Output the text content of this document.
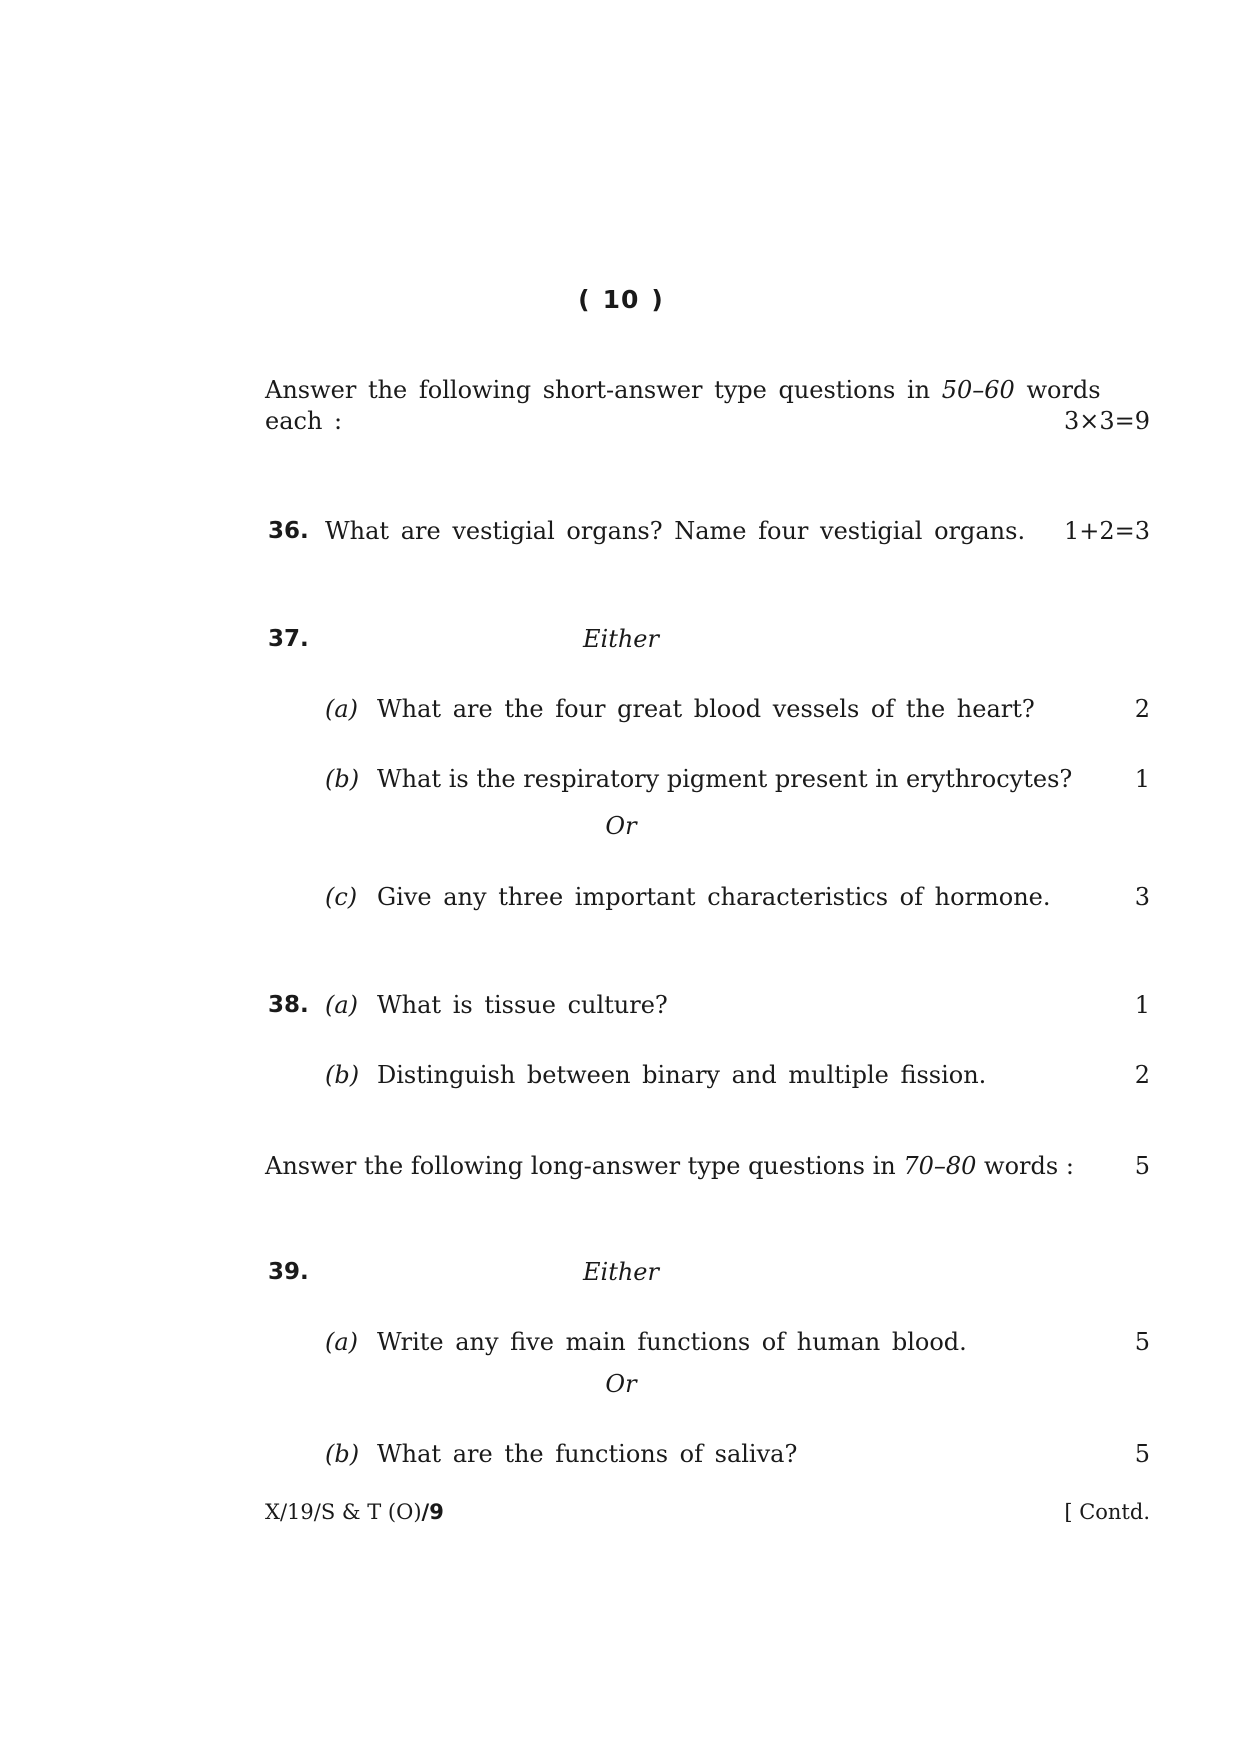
( 10 )
Answer the following short-answer type questions in 50–60 words
each :	3×3=9
36. What are vestigial organs? Name four vestigial organs. 1+2=3
37.	Either
(a) What are the four great blood vessels of the heart?	2
(b) What is the respiratory pigment present in erythrocytes?	1
Or
(c) Give any three important characteristics of hormone.	3
38. (a) What is tissue culture?	1
(b) Distinguish between binary and multiple fission.	2
Answer the following long-answer type questions in 70–80 words :	5
39.	Either
(a) Write any five main functions of human blood.	5
Or
(b) What are the functions of saliva?	5
X/19/S & T (O)/9	[ Contd.
